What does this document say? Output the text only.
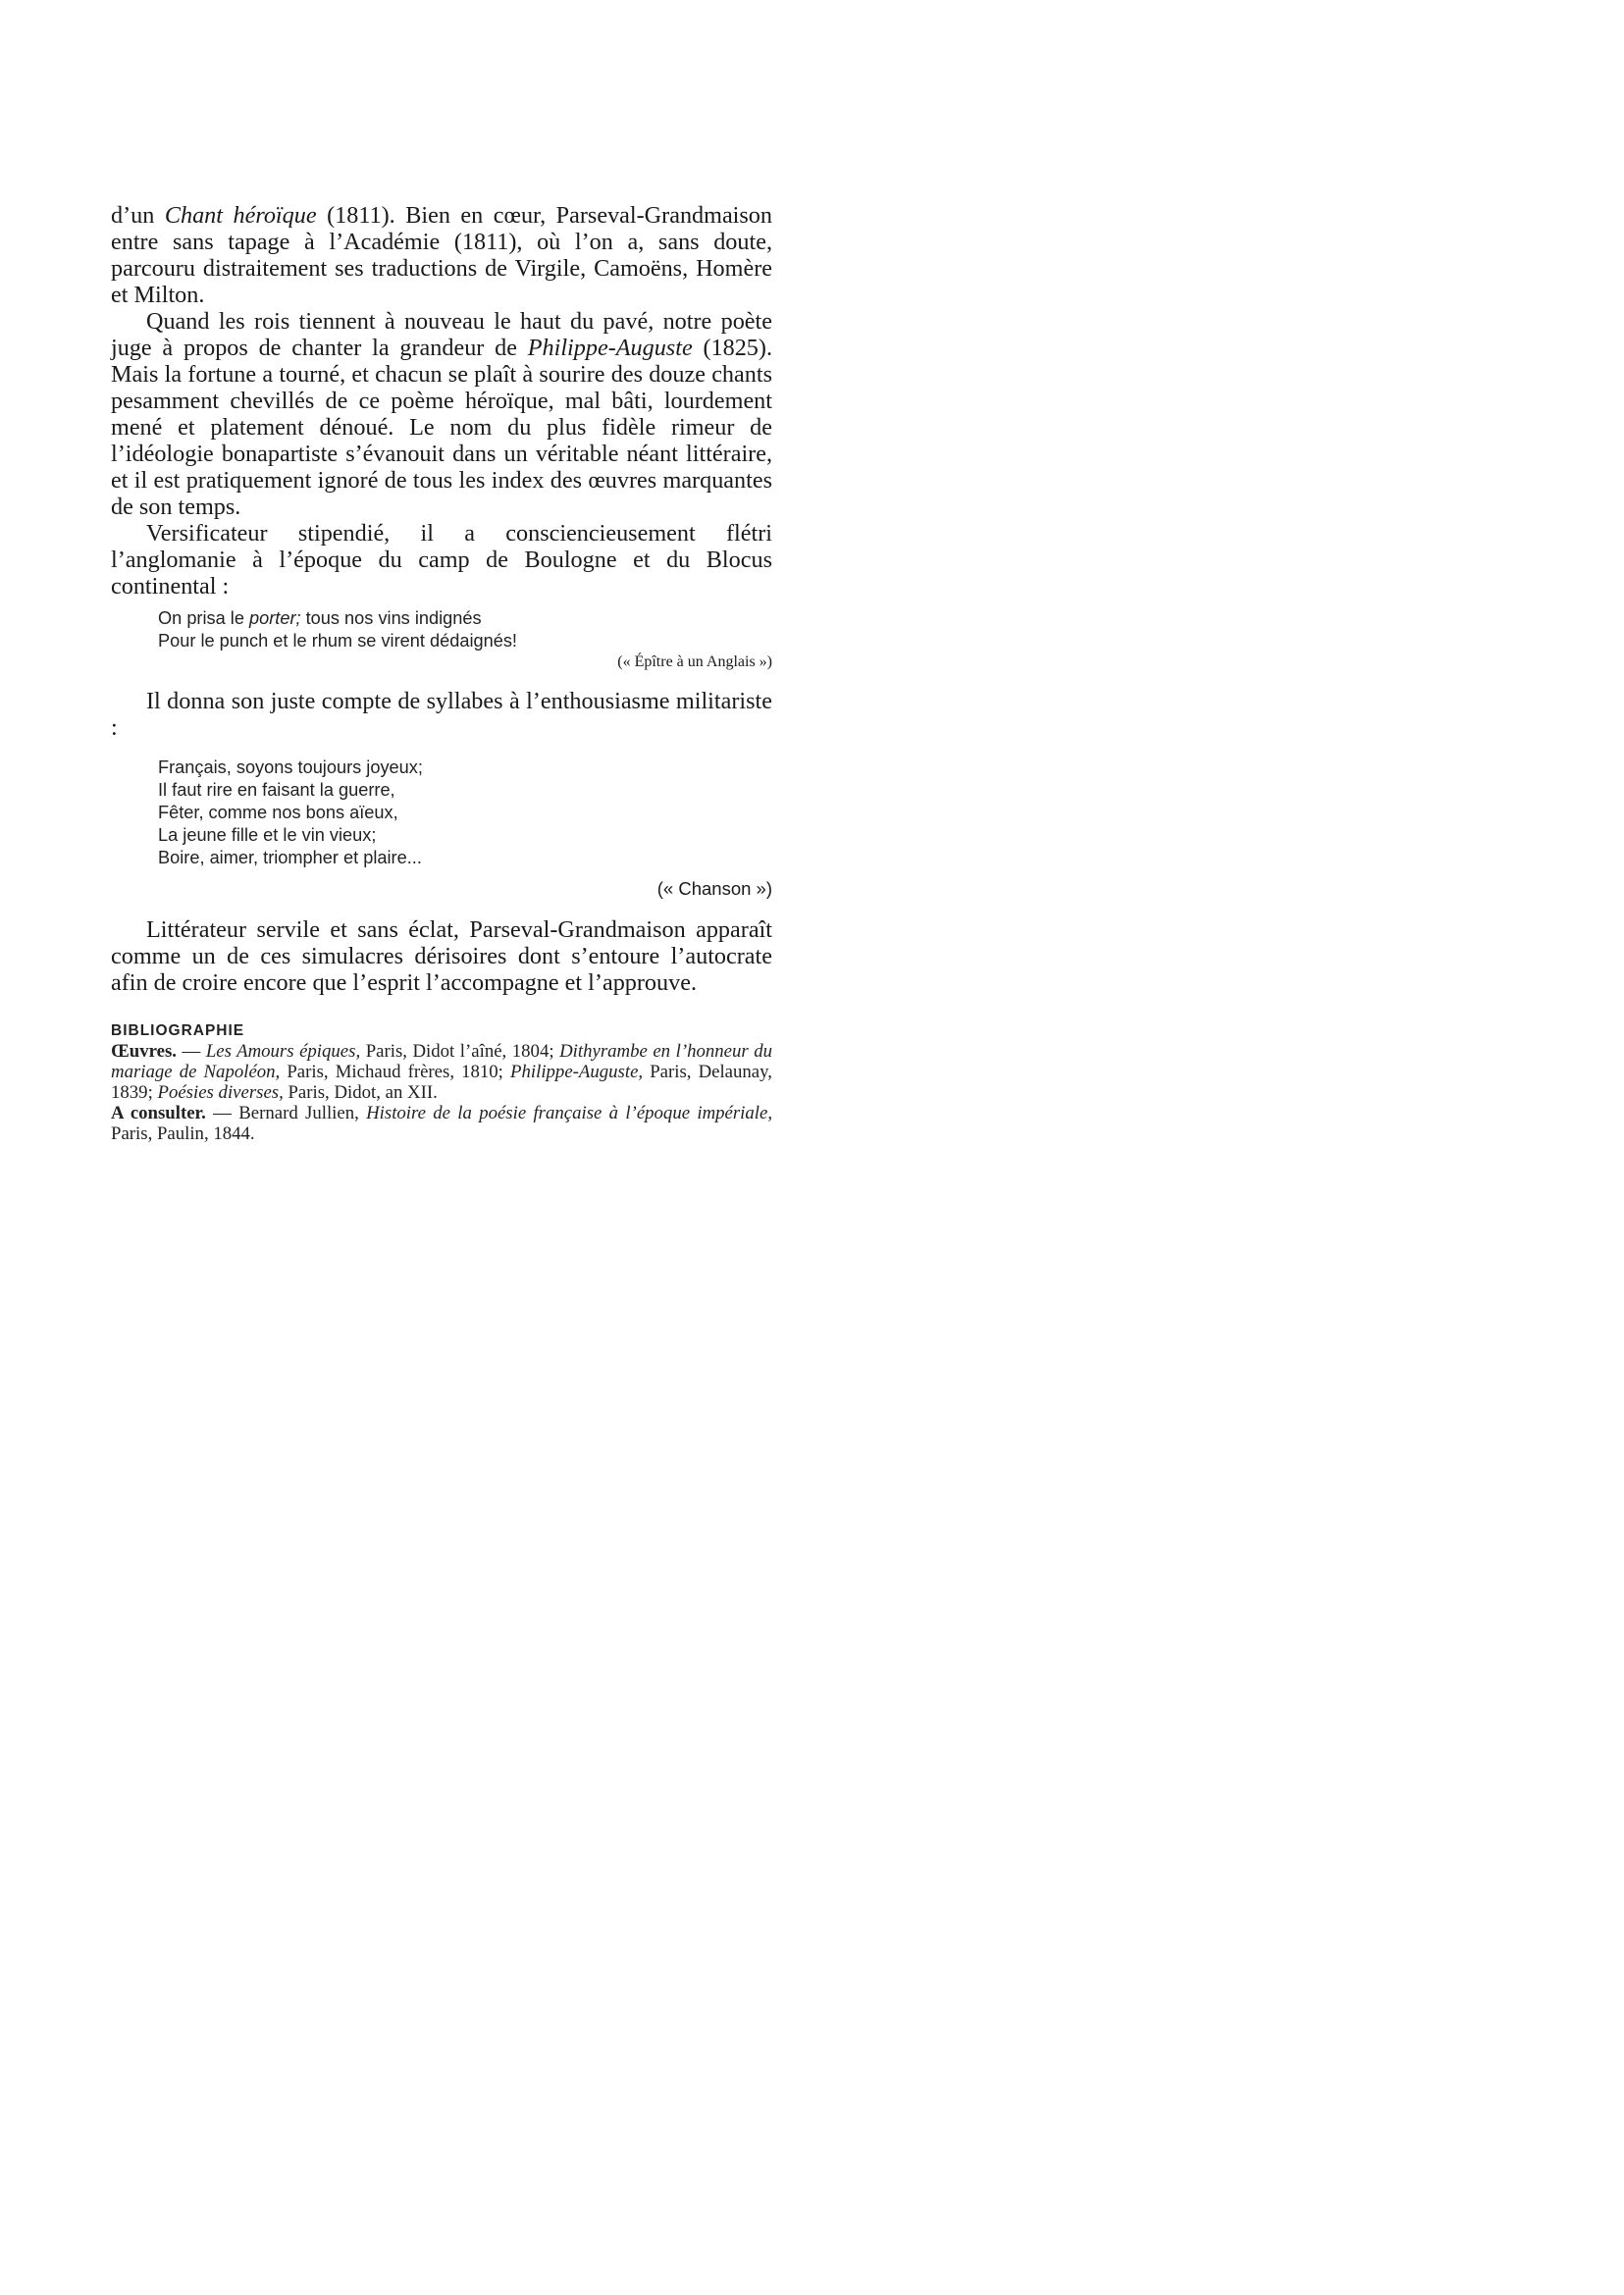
d’un Chant héroïque (1811). Bien en cœur, Parseval-Grandmaison entre sans tapage à l’Académie (1811), où l’on a, sans doute, parcouru distraitement ses traductions de Virgile, Camoëns, Homère et Milton.

Quand les rois tiennent à nouveau le haut du pavé, notre poète juge à propos de chanter la grandeur de Philippe-Auguste (1825). Mais la fortune a tourné, et chacun se plaît à sourire des douze chants pesamment chevillés de ce poème héroïque, mal bâti, lourdement mené et platement dénoué. Le nom du plus fidèle rimeur de l’idéologie bonapartiste s’évanouit dans un véritable néant littéraire, et il est pratiquement ignoré de tous les index des œuvres marquantes de son temps.

Versificateur stipendié, il a consciencieusement flétri l’anglomanie à l’époque du camp de Boulogne et du Blocus continental :

On prisa le porter; tous nos vins indignés
Pour le punch et le rhum se virent dédaignés!

(« Épître à un Anglais »)

Il donna son juste compte de syllabes à l’enthousiasme militariste :

Français, soyons toujours joyeux;
Il faut rire en faisant la guerre,
Fêter, comme nos bons aïeux,
La jeune fille et le vin vieux;
Boire, aimer, triompher et plaire...

(« Chanson »)

Littérateur servile et sans éclat, Parseval-Grandmaison apparaît comme un de ces simulacres dérisoires dont s’entoure l’autocrate afin de croire encore que l’esprit l’accompagne et l’approuve.

BIBLIOGRAPHIE

Œuvres. — Les Amours épiques, Paris, Didot l’aîné, 1804; Dithyrambe en l’honneur du mariage de Napoléon, Paris, Michaud frères, 1810; Philippe-Auguste, Paris, Delaunay, 1839; Poésies diverses, Paris, Didot, an XII.

A consulter. — Bernard Jullien, Histoire de la poésie française à l’époque impériale, Paris, Paulin, 1844.
